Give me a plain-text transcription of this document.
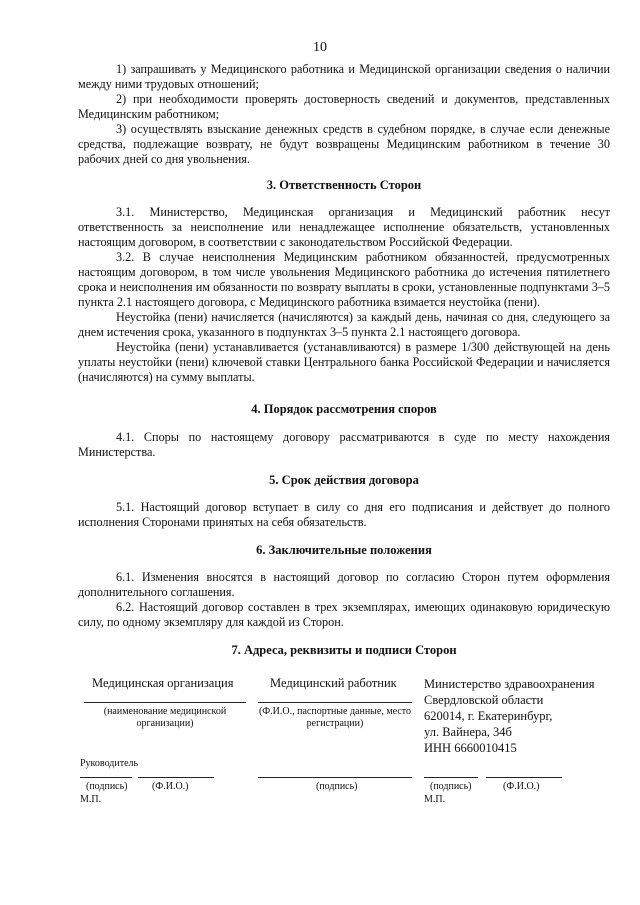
10

1) запрашивать у Медицинского работника и Медицинской организации сведения о наличии между ними трудовых отношений;

2) при необходимости проверять достоверность сведений и документов, представленных Медицинским работником;

3) осуществлять взыскание денежных средств в судебном порядке, в случае если денежные средства, подлежащие возврату, не будут возвращены Медицинским работником в течение 30 рабочих дней со дня увольнения.

3. Ответственность Сторон

3.1. Министерство, Медицинская организация и Медицинский работник несут ответственность за неисполнение или ненадлежащее исполнение обязательств, установленных настоящим договором, в соответствии с законодательством Российской Федерации.

3.2. В случае неисполнения Медицинским работником обязанностей, предусмотренных настоящим договором, в том числе увольнения Медицинского работника до истечения пятилетнего срока и неисполнения им обязанности по возврату выплаты в сроки, установленные подпунктами 3–5 пункта 2.1 настоящего договора, с Медицинского работника взимается неустойка (пени).

Неустойка (пени) начисляется (начисляются) за каждый день, начиная со дня, следующего за днем истечения срока, указанного в подпунктах 3–5 пункта 2.1 настоящего договора.

Неустойка (пени) устанавливается (устанавливаются) в размере 1/300 действующей на день уплаты неустойки (пени) ключевой ставки Центрального банка Российской Федерации и начисляется (начисляются) на сумму выплаты.

4. Порядок рассмотрения споров

4.1. Споры по настоящему договору рассматриваются в суде по месту нахождения Министерства.

5. Срок действия договора

5.1. Настоящий договор вступает в силу со дня его подписания и действует до полного исполнения Сторонами принятых на себя обязательств.

6. Заключительные положения

6.1. Изменения вносятся в настоящий договор по согласию Сторон путем оформления дополнительного соглашения.

6.2. Настоящий договор составлен в трех экземплярах, имеющих одинаковую юридическую силу, по одному экземпляру для каждой из Сторон.

7. Адреса, реквизиты и подписи Сторон
Медицинская организация
(наименование медицинской организации)
Медицинский работник
(Ф.И.О., паспортные данные, место регистрации)
Министерство здравоохранения
Свердловской области
620014, г. Екатеринбург,
ул. Вайнера, 34б
ИНН 6660010415
Руководитель
(подпись) (Ф.И.О.)
М.П.
(подпись)	(подпись)	(Ф.И.О.)
М.П.
